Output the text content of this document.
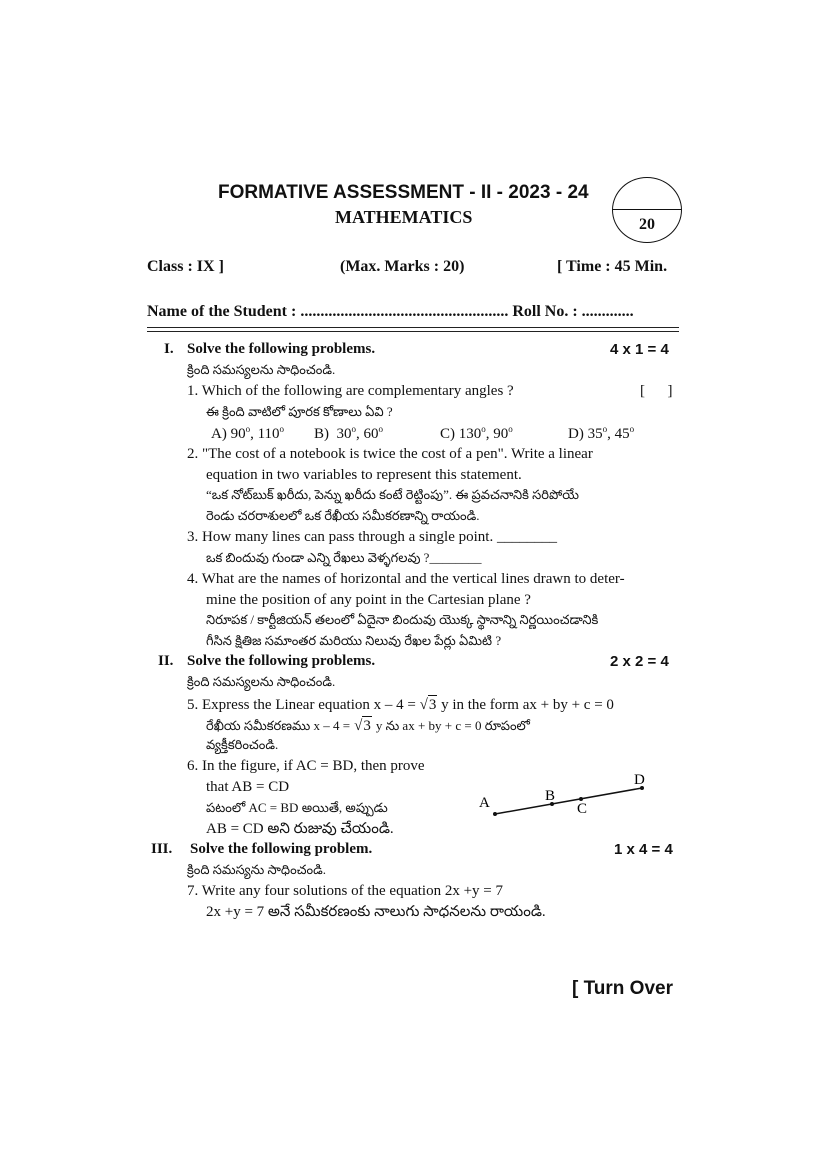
FORMATIVE ASSESSMENT - II - 2023 - 24
MATHEMATICS	20
Class : IX ]	(Max. Marks : 20)	[ Time : 45 Min.
Name of the Student : .................................................... Roll No. : .............
I. Solve the following problems.	4 x 1 = 4
క్రింది సమస్యలను సాధించండి.
1. Which of the following are complementary angles ?	[      ]
ఈ క్రింది వాటిలో పూరక కోణాలు ఏవి ?
A) 90$^o$, 110$^o$ B)  30$^o$, 60$^o$	C) 130$^o$, 90$^o$	D) 35$^o$, 45$^o$
2. "The cost of a notebook is twice the cost of a pen". Write a linear
equation in two variables to represent this statement.
“ఒక నోట్‌బుక్ ఖరీదు, పెన్ను ఖరీదు కంటే రెట్టింపు”. ఈ ప్రవచనానికి సరిపోయే
రెండు చరరాశులలో ఒక రేఖీయ సమీకరణాన్ని రాయండి.
3. How many lines can pass through a single point. ________
ఒక బిందువు గుండా ఎన్ని రేఖలు వెళ్ళగలవు ?________
4. What are the names of horizontal and the vertical lines drawn to deter-
mine the position of any point in the Cartesian plane ?
నిరూపక / కార్టీజియన్ తలంలో ఏదైనా బిందువు యొక్క స్థానాన్ని నిర్ణయించడానికి
గీసిన క్షితిజ సమాంతర మరియు నిలువు రేఖల పేర్లు ఏమిటి ?
II. Solve the following problems.	2 x 2 = 4
క్రింది సమస్యలను సాధించండి.
5. Express the Linear equation x – 4 = √3 y in the form ax + by + c = 0
రేఖీయ సమీకరణము x – 4 = √3 y ను ax + by + c = 0 రూపంలో
వ్యక్తీకరించండి.
6. In the figure, if AC = BD, then prove
that AB = CD
పటంలో AC = BD అయితే, అప్పుడు
AB = CD అని రుజువు చేయండి.
A	B
C
D
III. Solve the following problem.	1 x 4 = 4
క్రింది సమస్యను సాధించండి.
7. Write any four solutions of the equation 2x +y = 7
2x +y = 7 అనే సమీకరణంకు నాలుగు సాధనలను రాయండి.
[ Turn Over
